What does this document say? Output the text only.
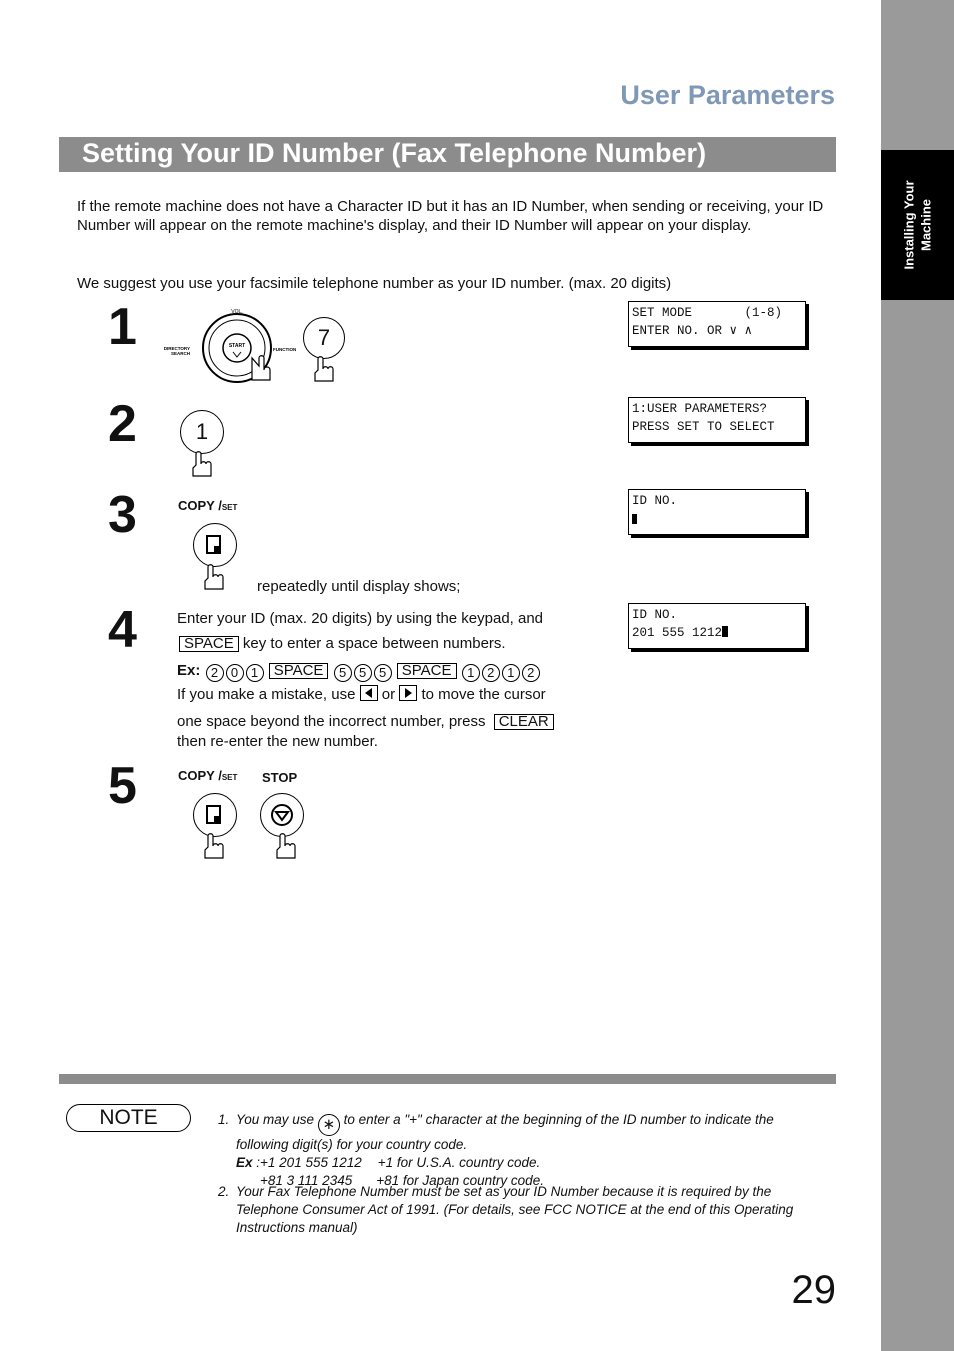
Installing Your Machine
User Parameters
Setting Your ID Number (Fax Telephone Number)
If the remote machine does not have a Character ID but it has an ID Number, when sending or receiving, your ID Number will appear on the remote machine's display, and their ID Number will appear on your display.
We suggest you use your facsimile telephone number as your ID number. (max. 20 digits)
1	VOL.
DIRECTORY
SEARCH
START
FUNCTION 7
SET MODE       (1-8)
ENTER NO. OR ∨ ∧
2	1
1:USER PARAMETERS?
PRESS SET TO SELECT
3	COPY /SET
repeatedly until display shows;
ID NO.
4	Enter your ID (max. 20 digits) by using the keypad, and
SPACE key to enter a space between numbers.
Ex: 2 0 1 SPACE 5 5 5 SPACE 1 2 1 2
If you make a mistake, use or to move the cursor
one space beyond the incorrect number, press CLEAR
then re-enter the new number.
ID NO.
201 555 1212
5	COPY /SET STOP
NOTE	1. You may use ∗ to enter a "+" character at the beginning of the ID number to indicate the
following digit(s) for your country code.
Ex :+1 201 555 1212 +1 for U.S.A. country code.
+81 3 111 2345 +81 for Japan country code.
2. Your Fax Telephone Number must be set as your ID Number because it is required by the Telephone Consumer Act of 1991. (For details, see FCC NOTICE at the end of this Operating Instructions manual)
29
